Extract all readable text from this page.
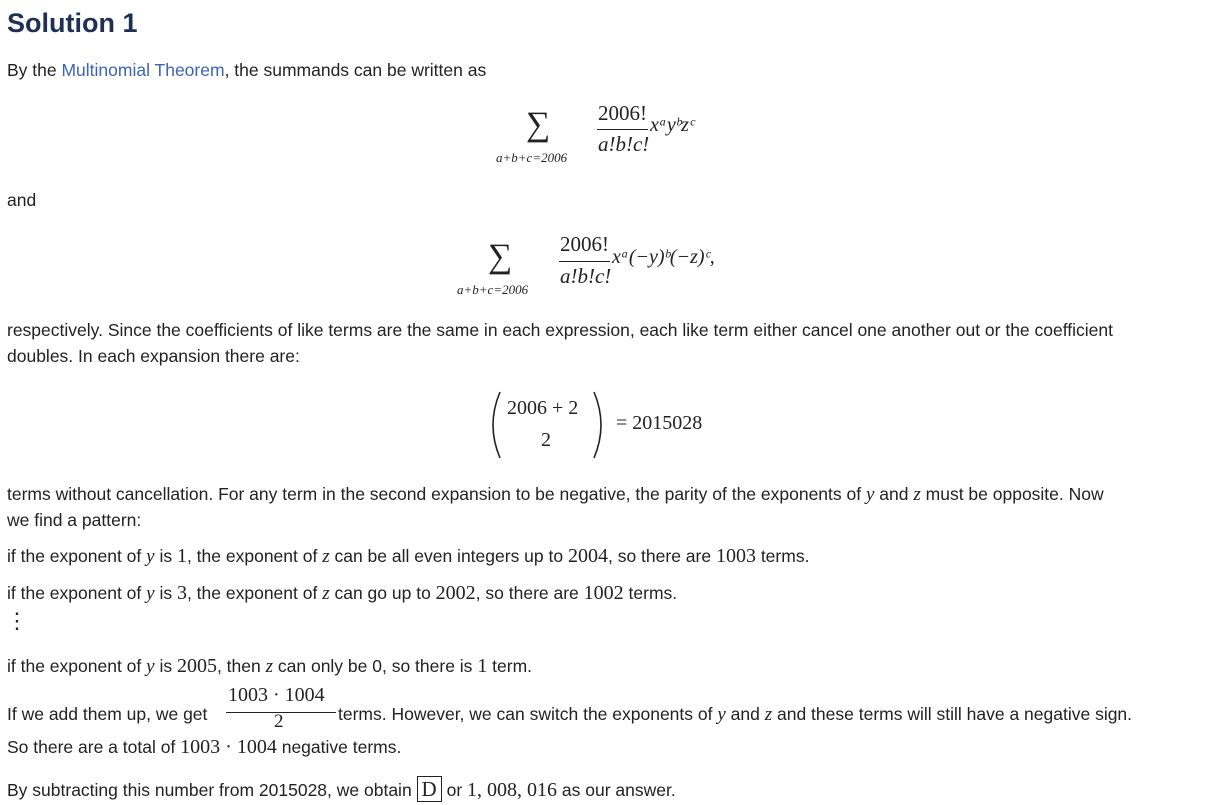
Solution 1
By the Multinomial Theorem, the summands can be written as
∑
a+b+c=2006
2006!
a!b!c!
xᵃyᵇzᶜ
and
∑
a+b+c=2006
2006!
a!b!c!
xᵃ(−y)ᵇ(−z)ᶜ,
respectively. Since the coefficients of like terms are the same in each expression, each like term either cancel one another out or the coefficient
doubles. In each expansion there are:
2006 + 2
2
= 2015028
terms without cancellation. For any term in the second expansion to be negative, the parity of the exponents of y and z must be opposite. Now
we find a pattern:
if the exponent of y is 1, the exponent of z can be all even integers up to 2004, so there are 1003 terms.
if the exponent of y is 3, the exponent of z can go up to 2002, so there are 1002 terms.
⋮
if the exponent of y is 2005, then z can only be 0, so there is 1 term.
If we add them up, we get
1003 · 1004
2	terms. However, we can switch the exponents of y and z and these terms will still have a negative sign.
So there are a total of 1003 · 1004 negative terms.
By subtracting this number from 2015028, we obtain D or 1, 008, 016 as our answer.
